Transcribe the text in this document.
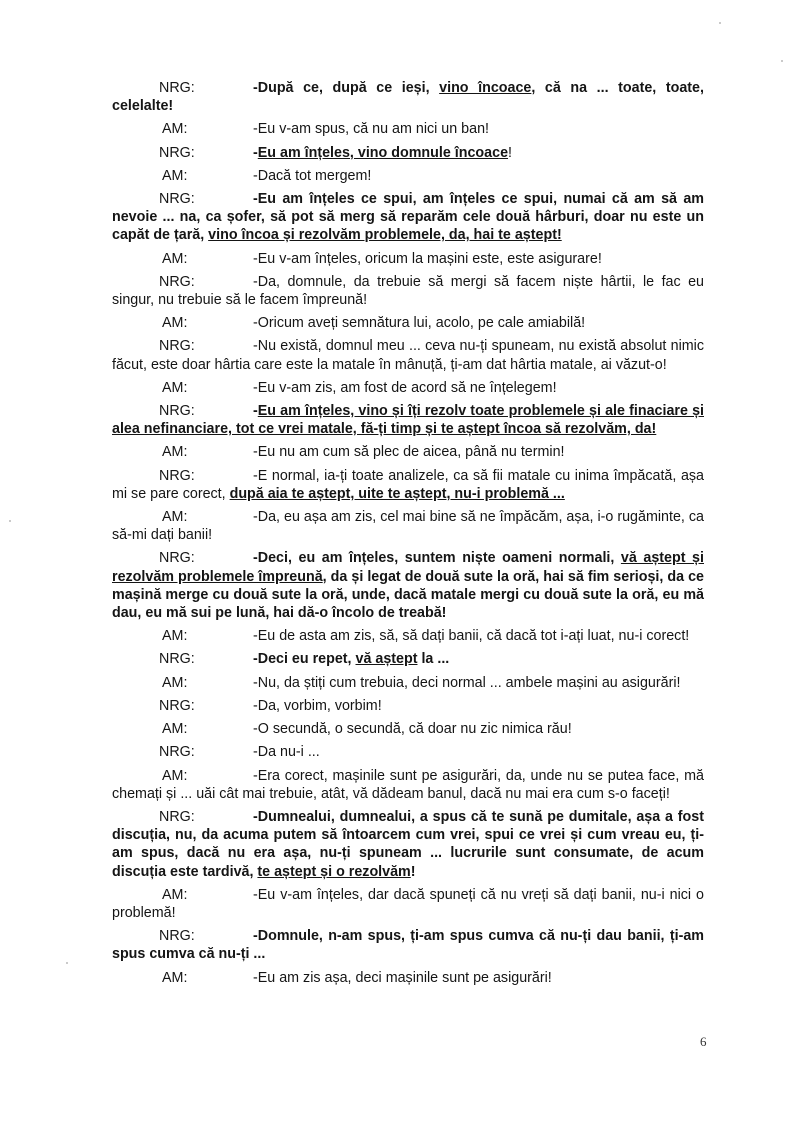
NRG:	-După ce, după ce ieși, vino încoace, că na ... toate, toate, celelalte!
AM:	-Eu v-am spus, că nu am nici un ban!
NRG:	-Eu am înțeles, vino domnule încoace!
AM:	-Dacă tot mergem!
NRG:	-Eu am înțeles ce spui, am înțeles ce spui, numai că am să am nevoie ... na, ca șofer, să pot să merg să reparăm cele două hârburi, doar nu este un capăt de țară, vino încoa și rezolvăm problemele, da, hai te aștept!
AM:	-Eu v-am înțeles, oricum la mașini este, este asigurare!
NRG:	-Da, domnule, da trebuie să mergi să facem niște hârtii, le fac eu singur, nu trebuie să le facem împreună!
AM:	-Oricum aveți semnătura lui, acolo, pe cale amiabilă!
NRG:	-Nu există, domnul meu ... ceva nu-ți spuneam, nu există absolut nimic făcut, este doar hârtia care este la matale în mânuță, ți-am dat hârtia matale, ai văzut-o!
AM:	-Eu v-am zis, am fost de acord să ne înțelegem!
NRG:	-Eu am înțeles, vino și îți rezolv toate problemele și ale finaciare și alea nefinanciare, tot ce vrei matale, fă-ți timp și te aștept încoa să rezolvăm, da!
AM:	-Eu nu am cum să plec de aicea, până nu termin!
NRG:	-E normal, ia-ți toate analizele, ca să fii matale cu inima împăcată, așa mi se pare corect, după aia te aștept, uite te aștept, nu-i problemă ...
AM:	-Da, eu așa am zis, cel mai bine să ne împăcăm, așa, i-o rugăminte, ca să-mi dați banii!
NRG:	-Deci, eu am înțeles, suntem niște oameni normali, vă aștept și rezolvăm problemele împreună, da și legat de două sute la oră, hai să fim serioși, da ce mașină merge cu două sute la oră, unde, dacă matale mergi cu două sute la oră, eu mă dau, eu mă sui pe lună, hai dă-o încolo de treabă!
AM:	-Eu de asta am zis, să, să dați banii, că dacă tot i-ați luat, nu-i corect!
NRG:	-Deci eu repet, vă aștept la ...
AM:	-Nu, da știți cum trebuia, deci normal ... ambele mașini au asigurări!
NRG:	-Da, vorbim, vorbim!
AM:	-O secundă, o secundă, că doar nu zic nimica rău!
NRG:	-Da nu-i ...
AM:	-Era corect, mașinile sunt pe asigurări, da, unde nu se putea face, mă chemați și ... uăi cât mai trebuie, atât, vă dădeam banul, dacă nu mai era cum s-o faceți!
NRG:	-Dumnealui, dumnealui, a spus că te sună pe dumitale, așa a fost discuția, nu, da acuma putem să întoarcem cum vrei, spui ce vrei și cum vreau eu, ți-am spus, dacă nu era așa, nu-ți spuneam ... lucrurile sunt consumate, de acum discuția este tardivă, te aștept și o rezolvăm!
AM:	-Eu v-am înțeles, dar dacă spuneți că nu vreți să dați banii, nu-i nici o problemă!
NRG:	-Domnule, n-am spus, ți-am spus cumva că nu-ți dau banii, ți-am spus cumva că nu-ți ...
AM:	-Eu am zis așa, deci mașinile sunt pe asigurări!
6
